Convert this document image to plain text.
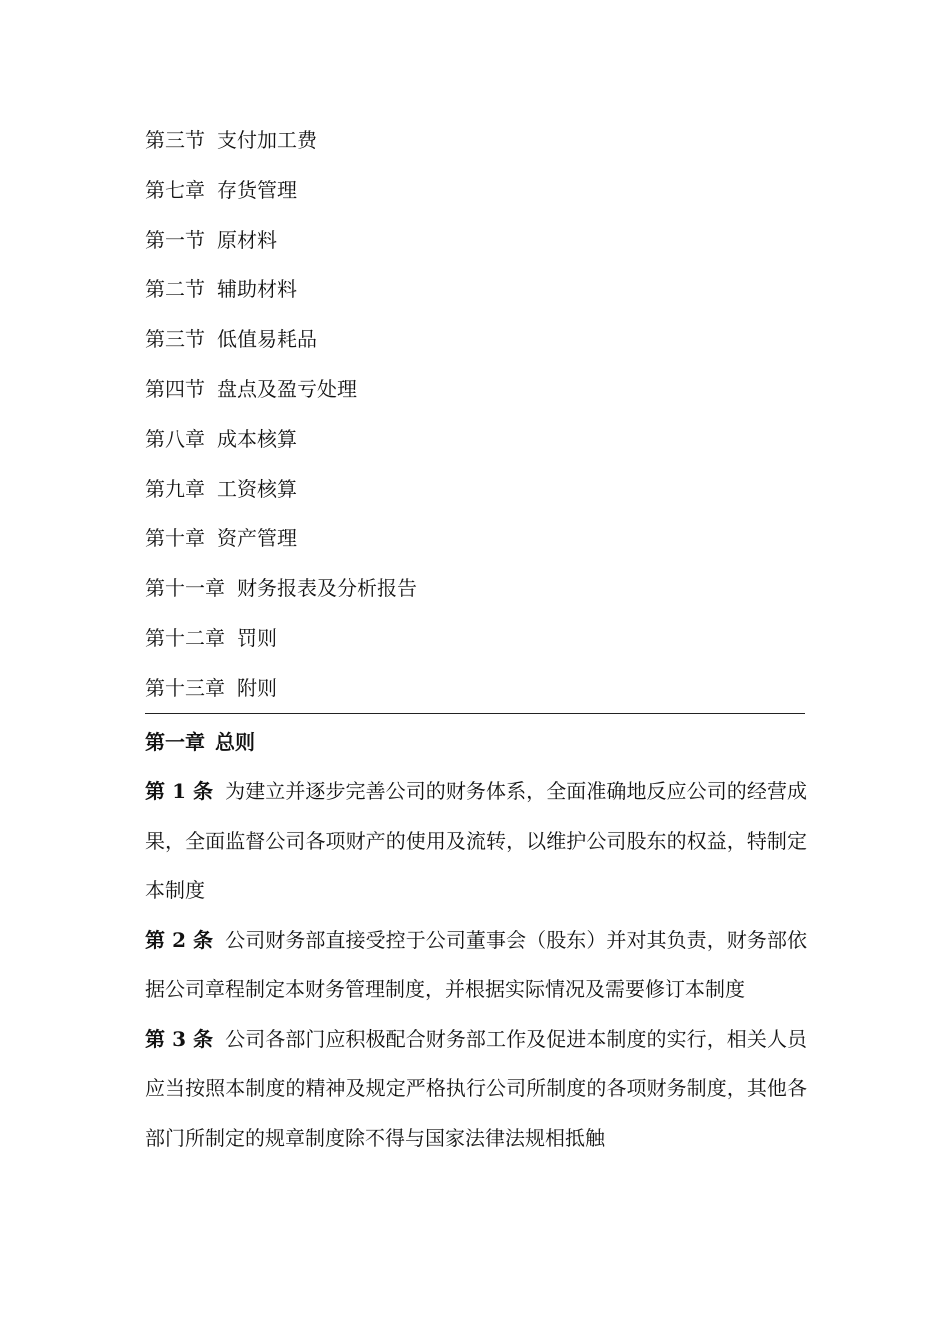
第三节 支付加工费
第七章 存货管理
第一节 原材料
第二节 辅助材料
第三节 低值易耗品
第四节 盘点及盈亏处理
第八章 成本核算
第九章 工资核算
第十章 资产管理
第十一章 财务报表及分析报告
第十二章 罚则
第十三章 附则
第一章 总则

第 1 条 为建立并逐步完善公司的财务体系，全面准确地反应公司的经营成果，全面监督公司各项财产的使用及流转，以维护公司股东的权益，特制定本制度

第 2 条 公司财务部直接受控于公司董事会（股东）并对其负责，财务部依据公司章程制定本财务管理制度，并根据实际情况及需要修订本制度

第 3 条 公司各部门应积极配合财务部工作及促进本制度的实行，相关人员应当按照本制度的精神及规定严格执行公司所制度的各项财务制度，其他各部门所制定的规章制度除不得与国家法律法规相抵触
